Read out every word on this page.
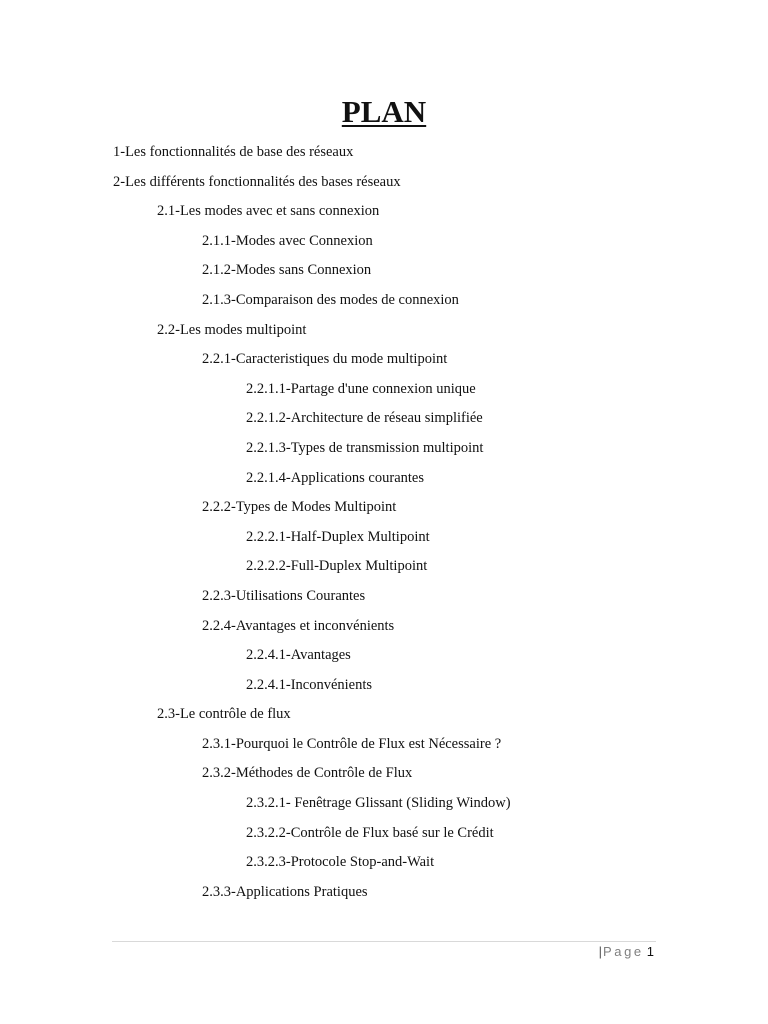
PLAN
1-Les fonctionnalités de base des réseaux
2-Les différents fonctionnalités des bases réseaux
2.1-Les modes avec et sans connexion
2.1.1-Modes avec Connexion
2.1.2-Modes sans Connexion
2.1.3-Comparaison des modes de connexion
2.2-Les modes multipoint
2.2.1-Caracteristiques du mode multipoint
2.2.1.1-Partage d'une connexion unique
2.2.1.2-Architecture de réseau simplifiée
2.2.1.3-Types de transmission multipoint
2.2.1.4-Applications courantes
2.2.2-Types de Modes Multipoint
2.2.2.1-Half-Duplex Multipoint
2.2.2.2-Full-Duplex Multipoint
2.2.3-Utilisations Courantes
2.2.4-Avantages et inconvénients
2.2.4.1-Avantages
2.2.4.1-Inconvénients
2.3-Le contrôle de flux
2.3.1-Pourquoi le Contrôle de Flux est Nécessaire ?
2.3.2-Méthodes de Contrôle de Flux
2.3.2.1- Fenêtrage Glissant (Sliding Window)
2.3.2.2-Contrôle de Flux basé sur le Crédit
2.3.2.3-Protocole Stop-and-Wait
2.3.3-Applications Pratiques
|Page 1
